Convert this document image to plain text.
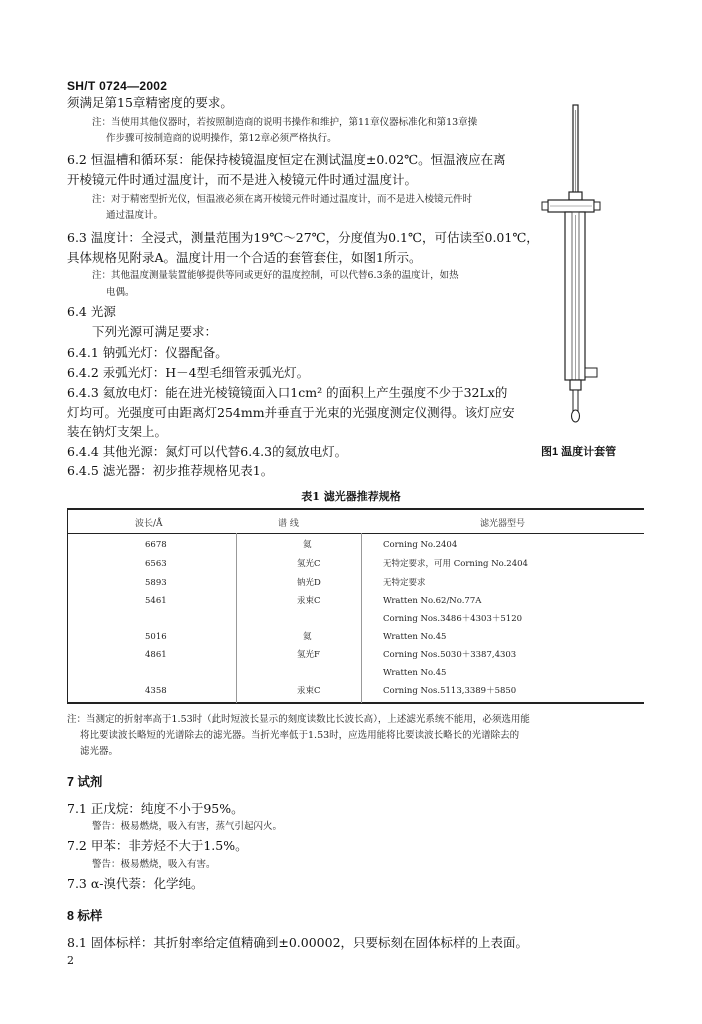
SH/T 0724—2002
须满足第15章精密度的要求。
注：当使用其他仪器时，若按照制造商的说明书操作和维护，第11章仪器标准化和第13章操
作步骤可按制造商的说明操作，第12章必须严格执行。
6.2 恒温槽和循环泵：能保持棱镜温度恒定在测试温度±0.02℃。恒温液应在离
开棱镜元件时通过温度计，而不是进入棱镜元件时通过温度计。
注：对于精密型折光仪，恒温液必须在离开棱镜元件时通过温度计，而不是进入棱镜元件时
通过温度计。
6.3 温度计：全浸式，测量范围为19℃～27℃，分度值为0.1℃，可估读至0.01℃，
具体规格见附录A。温度计用一个合适的套管套住，如图1所示。
注：其他温度测量装置能够提供等同或更好的温度控制，可以代替6.3条的温度计，如热
电偶。
6.4 光源
下列光源可满足要求：
6.4.1 钠弧光灯：仪器配备。
6.4.2 汞弧光灯：H－4型毛细管汞弧光灯。
6.4.3 氦放电灯：能在进光棱镜镜面入口1cm² 的面积上产生强度不少于32Lx的
灯均可。光强度可由距离灯254mm并垂直于光束的光强度测定仪测得。该灯应安
装在钠灯支架上。
6.4.4 其他光源：氮灯可以代替6.4.3的氦放电灯。
6.4.5 滤光器：初步推荐规格见表1。
图1 温度计套管
表1 滤光器推荐规格
波长/Å	谱 线	滤光器型号
6678	氦	Corning No.2404
6563	氢光C	无特定要求，可用 Corning No.2404
5893	钠光D	无特定要求
5461	汞束C	Wratten No.62/No.77A
Corning Nos.3486＋4303＋5120
5016	氦	Wratten No.45
4861	氢光F	Corning Nos.5030＋3387,4303
Wratten No.45
4358	汞束C	Corning Nos.5113,3389＋5850
注：当测定的折射率高于1.53时（此时短波长显示的刻度读数比长波长高），上述滤光系统不能用，必须选用能
将比要读波长略短的光谱除去的滤光器。当折光率低于1.53时，应选用能将比要读波长略长的光谱除去的
滤光器。
7 试剂
7.1 正戊烷：纯度不小于95%。
警告：极易燃烧，吸入有害，蒸气引起闪火。
7.2 甲苯：非芳烃不大于1.5%。
警告：极易燃烧，吸入有害。
7.3 α-溴代萘：化学纯。
8 标样
8.1 固体标样：其折射率给定值精确到±0.00002，只要标刻在固体标样的上表面。
2
